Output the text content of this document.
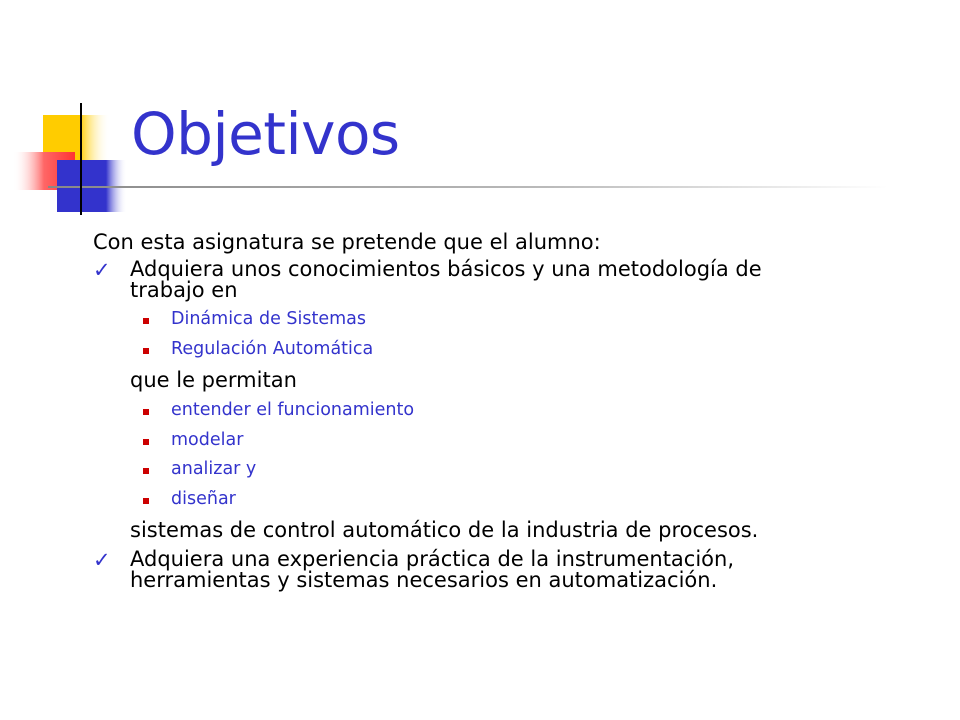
Objetivos

Con esta asignatura se pretende que el alumno:

✓ Adquiera unos conocimientos básicos y una metodología de
trabajo en
Dinámica de Sistemas
Regulación Automática

que le permitan

entender el funcionamiento
modelar
analizar y
diseñar

sistemas de control automático de la industria de procesos.

✓ Adquiera una experiencia práctica de la instrumentación,
herramientas y sistemas necesarios en automatización.
